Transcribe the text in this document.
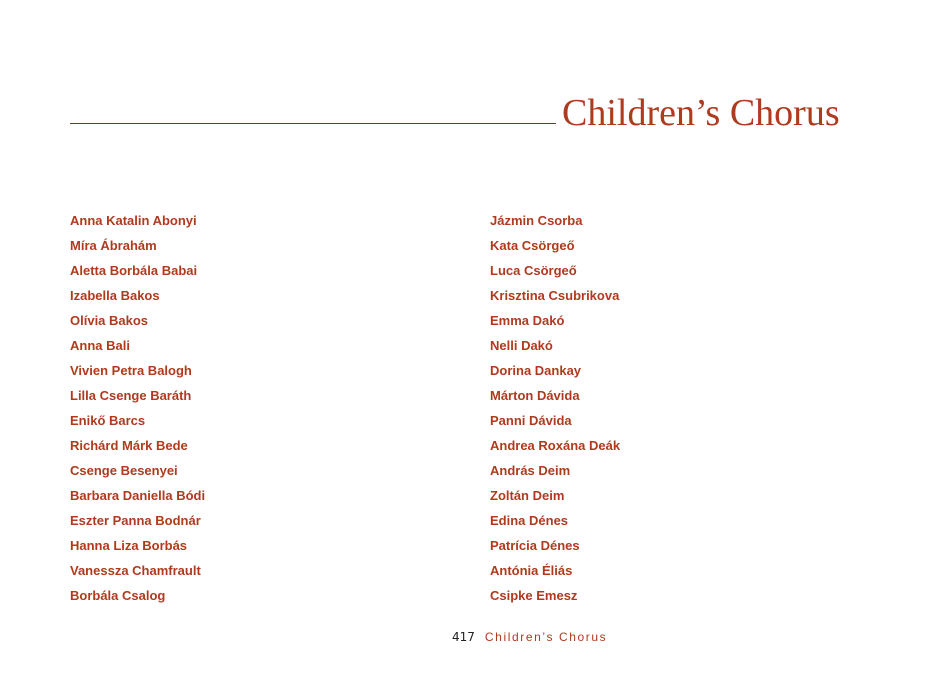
Children’s Chorus
Anna Katalin Abonyi
Míra Ábrahám
Aletta Borbála Babai
Izabella Bakos
Olívia Bakos
Anna Bali
Vivien Petra Balogh
Lilla Csenge Baráth
Enikő Barcs
Richárd Márk Bede
Csenge Besenyei
Barbara Daniella Bódi
Eszter Panna Bodnár
Hanna Liza Borbás
Vanessza Chamfrault
Borbála Csalog
Jázmin Csorba
Kata Csörgeő
Luca Csörgeő
Krisztina Csubrikova
Emma Dakó
Nelli Dakó
Dorina Dankay
Márton Dávida
Panni Dávida
Andrea Roxána Deák
András Deim
Zoltán Deim
Edina Dénes
Patrícia Dénes
Antónia Éliás
Csipke Emesz
417 Children’s Chorus
